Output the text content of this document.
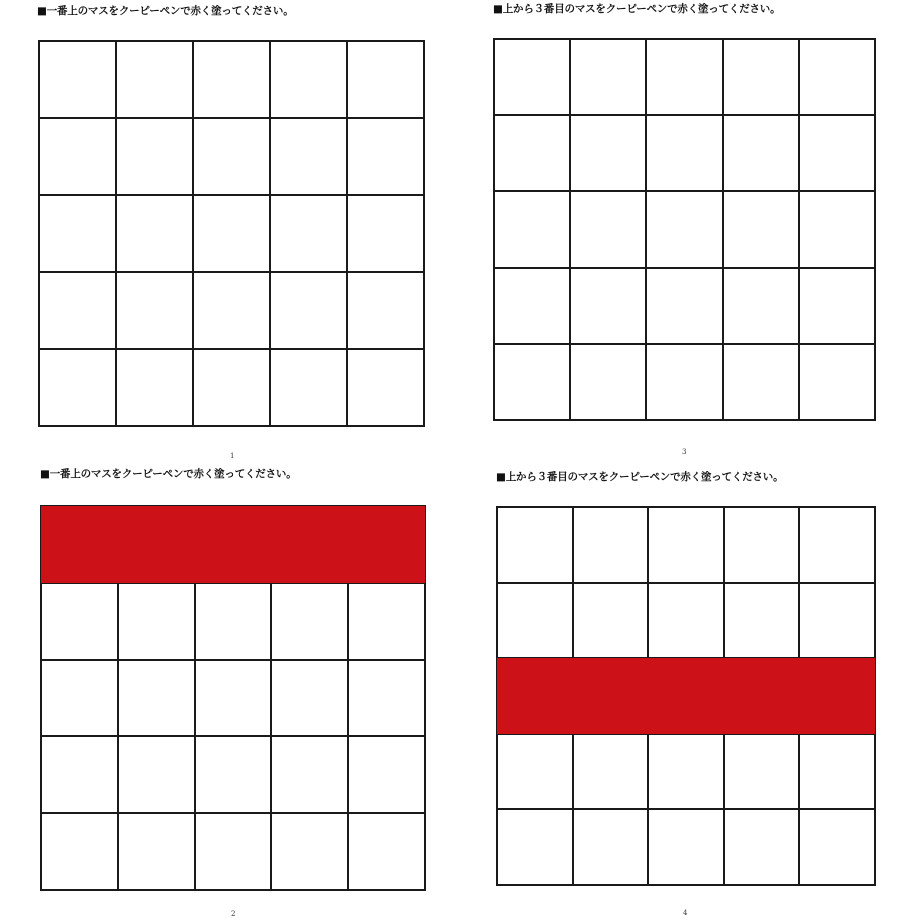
■一番上のマスをクーピーペンで赤く塗ってください。
1
■上から３番目のマスをクーピーペンで赤く塗ってください。
3
■一番上のマスをクーピーペンで赤く塗ってください。
2
■上から３番目のマスをクーピーペンで赤く塗ってください。
4
